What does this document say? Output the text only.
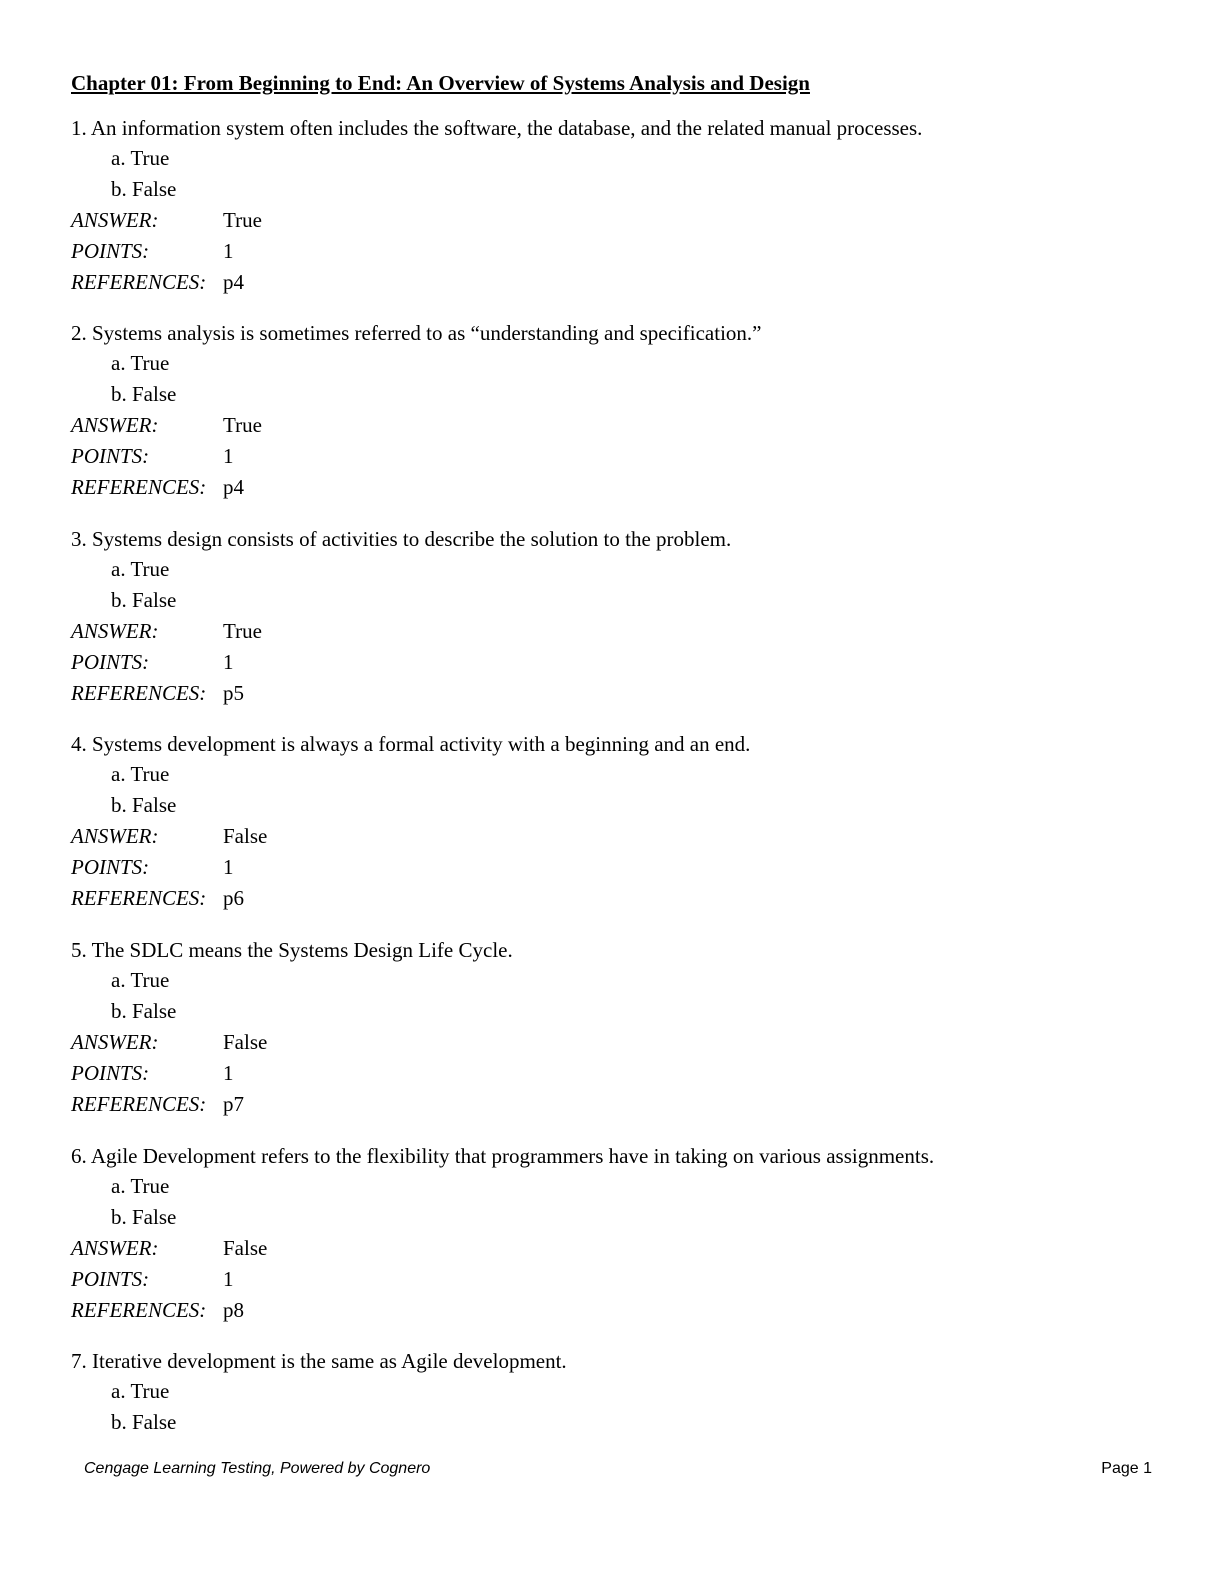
Chapter 01: From Beginning to End: An Overview of Systems Analysis and Design
1. An information system often includes the software, the database, and the related manual processes.
a. True
b. False
ANSWER:	True
POINTS:	1
REFERENCES: p4
2. Systems analysis is sometimes referred to as “understanding and specification.”
a. True
b. False
ANSWER:	True
POINTS:	1
REFERENCES: p4
3. Systems design consists of activities to describe the solution to the problem.
a. True
b. False
ANSWER:	True
POINTS:	1
REFERENCES: p5
4. Systems development is always a formal activity with a beginning and an end.
a. True
b. False
ANSWER:	False
POINTS:	1
REFERENCES: p6
5. The SDLC means the Systems Design Life Cycle.
a. True
b. False
ANSWER:	False
POINTS:	1
REFERENCES: p7
6. Agile Development refers to the flexibility that programmers have in taking on various assignments.
a. True
b. False
ANSWER:	False
POINTS:	1
REFERENCES: p8
7. Iterative development is the same as Agile development.
a. True
b. False
Cengage Learning Testing, Powered by Cognero	Page 1
